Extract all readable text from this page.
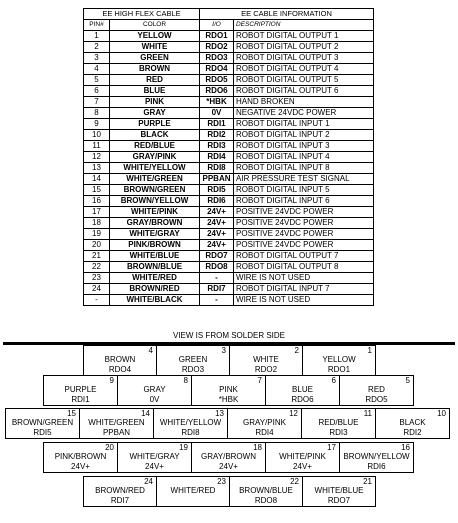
EE HIGH FLEX CABLE		EE CABLE INFORMATION	
PIN#	COLOR	I/O	DESCRIPTION
1	YELLOW	RDO1	ROBOT DIGITAL OUTPUT 1
2	WHITE	RDO2	ROBOT DIGITAL OUTPUT 2
3	GREEN	RDO3	ROBOT DIGITAL OUTPUT 3
4	BROWN	RDO4	ROBOT DIGITAL OUTPUT 4
5	RED	RDO5	ROBOT DIGITAL OUTPUT 5
6	BLUE	RDO6	ROBOT DIGITAL OUTPUT 6
7	PINK	*HBK	HAND BROKEN
8	GRAY	0V	NEGATIVE 24VDC POWER
9	PURPLE	RDI1	ROBOT DIGITAL INPUT 1
10	BLACK	RDI2	ROBOT DIGITAL INPUT 2
11	RED/BLUE	RDI3	ROBOT DIGITAL INPUT 3
12	GRAY/PINK	RDI4	ROBOT DIGITAL INPUT 4
13	WHITE/YELLOW	RDI8	ROBOT DIGITAL INPUT 8
14	WHITE/GREEN	PPBAN	AIR PRESSURE TEST SIGNAL
15	BROWN/GREEN	RDI5	ROBOT DIGITAL INPUT 5
16	BROWN/YELLOW	RDI6	ROBOT DIGITAL INPUT 6
17	WHITE/PINK	24V+	POSITIVE 24VDC POWER
18	GRAY/BROWN	24V+	POSITIVE 24VDC POWER
19	WHITE/GRAY	24V+	POSITIVE 24VDC POWER
20	PINK/BROWN	24V+	POSITIVE 24VDC POWER
21	WHITE/BLUE	RDO7	ROBOT DIGITAL OUTPUT 7
22	BROWN/BLUE	RDO8	ROBOT DIGITAL OUTPUT 8
23	WHITE/RED	-	WIRE IS NOT USED
24	BROWN/RED	RDI7	ROBOT DIGITAL INPUT 7
-	WHITE/BLACK	-	WIRE IS NOT USED
VIEW IS FROM SOLDER SIDE
4
BROWN
RDO4
3
GREEN
RDO3
2
WHITE
RDO2
1
YELLOW
RDO1
9
PURPLE
RDI1
8
GRAY
0V
7
PINK
*HBK
6
BLUE
RDO6
5
RED
RDO5
15
BROWN/GREEN
RDI5
14
WHITE/GREEN
PPBAN
13
WHITE/YELLOW
RDI8
12
GRAY/PINK
RDI4
11
RED/BLUE
RDI3
10
BLACK
RDI2
20
PINK/BROWN
24V+
19
WHITE/GRAY
24V+
18
GRAY/BROWN
24V+
17
WHITE/PINK
24V+
16
BROWN/YELLOW
RDI6
24
BROWN/RED
RDI7
23
WHITE/RED
22
BROWN/BLUE
RDO8
21
WHITE/BLUE
RDO7
